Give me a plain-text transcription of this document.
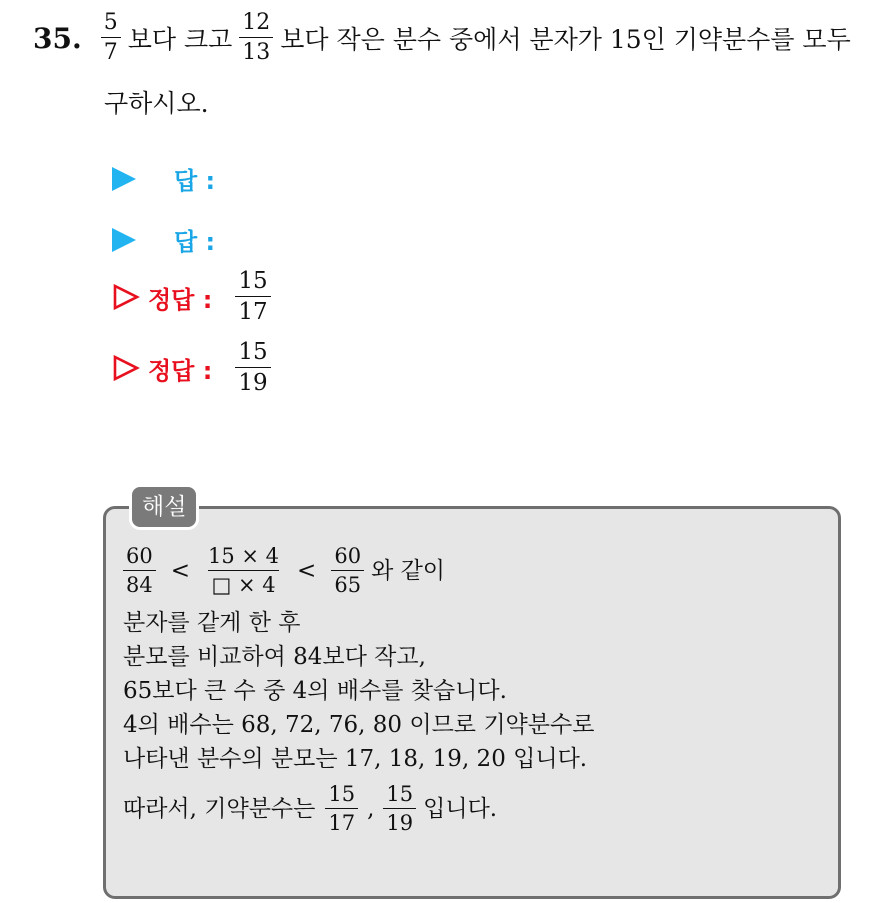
35. $\frac{5}{7}$ 보다 크고 $\frac{12}{13}$ 보다 작은 분수 중에서 분자가 15인 기약분수를 모두
구하시오.
답 :
답 :
정답 : $\frac{15}{17}$
정답 : $\frac{15}{19}$
해설
$\frac{60}{84} < \frac{15 \times 4}{□ \times 4} < \frac{60}{65}$ 와 같이
분자를 같게 한 후
분모를 비교하여 84보다 작고,
65보다 큰 수 중 4의 배수를 찾습니다.
4의 배수는 68, 72, 76, 80 이므로 기약분수로
나타낸 분수의 분모는 17, 18, 19, 20 입니다.
따라서, 기약분수는 $\frac{15}{17}$ , $\frac{15}{19}$ 입니다.
